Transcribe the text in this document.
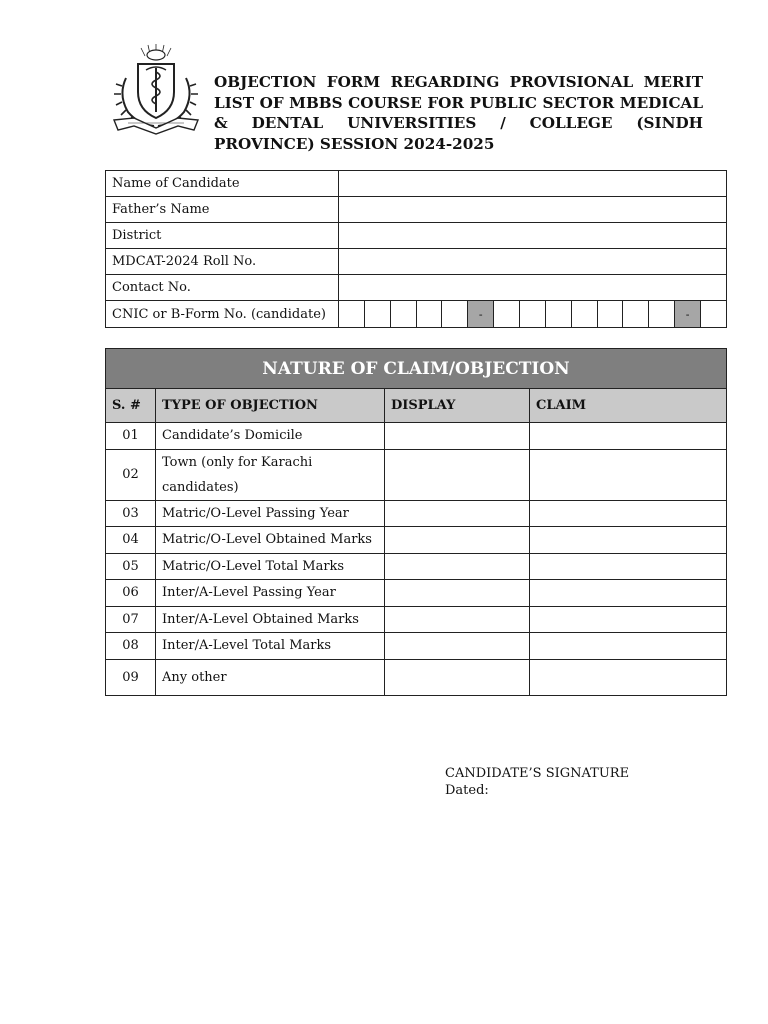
OBJECTION FORM REGARDING PROVISIONAL MERIT LIST OF MBBS COURSE FOR PUBLIC SECTOR MEDICAL & DENTAL UNIVERSITIES / COLLEGE (SINDH PROVINCE) SESSION 2024-2025
Name of Candidate	
Father’s Name	
District	
MDCAT-2024 Roll No.	
Contact No.	
CNIC or B-Form No. (candidate)	- -
NATURE OF CLAIM/OBJECTION			
S. #	TYPE OF OBJECTION	DISPLAY	CLAIM
01	Candidate’s Domicile		
02	Town (only for Karachi candidates)		
03	Matric/O-Level Passing Year		
04	Matric/O-Level Obtained Marks		
05	Matric/O-Level Total Marks		
06	Inter/A-Level Passing Year		
07	Inter/A-Level Obtained Marks		
08	Inter/A-Level Total Marks		
09	Any other		
CANDIDATE’S SIGNATURE
Dated:
